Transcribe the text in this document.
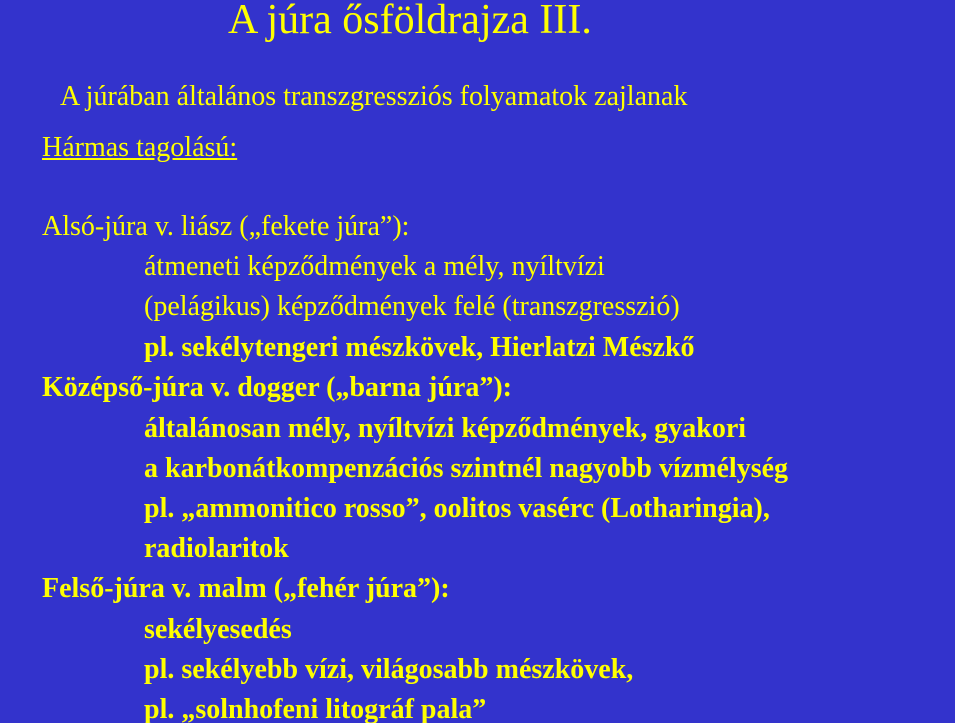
A júra ősföldrajza III.
A júrában általános transzgressziós folyamatok zajlanak
Hármas tagolású:
Alsó-júra v. liász („fekete júra”):
átmeneti képződmények a mély, nyíltvízi
(pelágikus) képződmények felé (transzgresszió)
pl. sekélytengeri mészkövek, Hierlatzi Mészkő
Középső-júra v. dogger („barna júra”):
általánosan mély, nyíltvízi képződmények, gyakori
a karbonátkompenzációs szintnél nagyobb vízmélység
pl. „ammonitico rosso”, oolitos vasérc (Lotharingia),
radiolaritok
Felső-júra v. malm („fehér júra”):
sekélyesedés
pl. sekélyebb vízi, világosabb mészkövek,
pl. „solnhofeni litográf pala”
